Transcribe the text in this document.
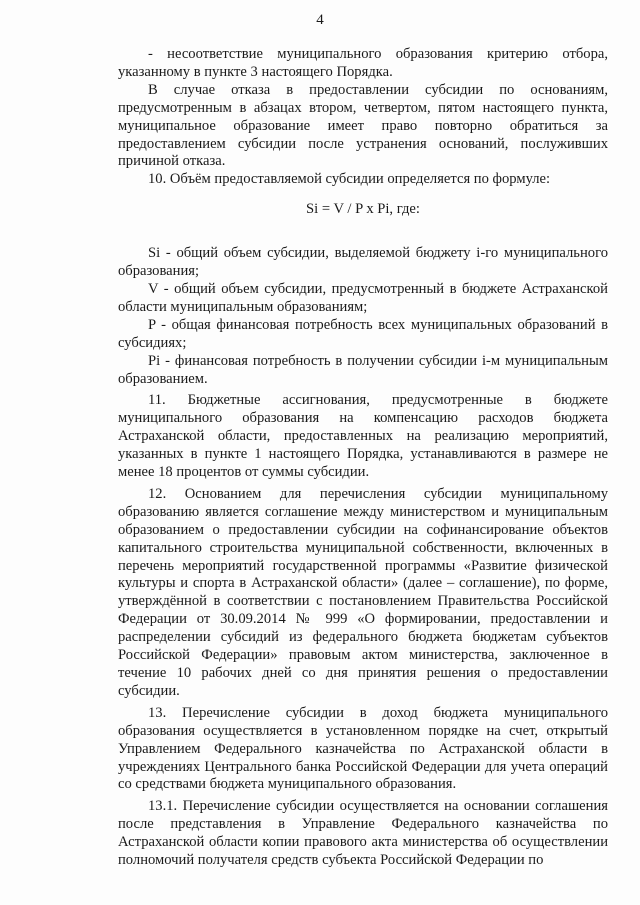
4

- несоответствие муниципального образования критерию отбора, указанному в пункте 3 настоящего Порядка.

В случае отказа в предоставлении субсидии по основаниям, предусмотренным в абзацах втором, четвертом, пятом настоящего пункта, муниципальное образование имеет право повторно обратиться за предоставлением субсидии после устранения оснований, послуживших причиной отказа.

10. Объём предоставляемой субсидии определяется по формуле:

Si = V / P x Pi, где:

Si - общий объем субсидии, выделяемой бюджету i-го муниципального образования;

V - общий объем субсидии, предусмотренный в бюджете Астраханской области муниципальным образованиям;

P - общая финансовая потребность всех муниципальных образований в субсидиях;

Pi - финансовая потребность в получении субсидии i-м муниципальным образованием.

11. Бюджетные ассигнования, предусмотренные в бюджете муниципального образования на компенсацию расходов бюджета Астраханской области, предоставленных на реализацию мероприятий, указанных в пункте 1 настоящего Порядка, устанавливаются в размере не менее 18 процентов от суммы субсидии.

12. Основанием для перечисления субсидии муниципальному образованию является соглашение между министерством и муниципальным образованием о предоставлении субсидии на софинансирование объектов капитального строительства муниципальной собственности, включенных в перечень мероприятий государственной программы «Развитие физической культуры и спорта в Астраханской области» (далее – соглашение), по форме, утверждённой в соответствии с постановлением Правительства Российской Федерации от 30.09.2014 № 999 «О формировании, предоставлении и распределении субсидий из федерального бюджета бюджетам субъектов Российской Федерации» правовым актом министерства, заключенное в течение 10 рабочих дней со дня принятия решения о предоставлении субсидии.

13. Перечисление субсидии в доход бюджета муниципального образования осуществляется в установленном порядке на счет, открытый Управлением Федерального казначейства по Астраханской области в учреждениях Центрального банка Российской Федерации для учета операций со средствами бюджета муниципального образования.

13.1. Перечисление субсидии осуществляется на основании соглашения после представления в Управление Федерального казначейства по Астраханской области копии правового акта министерства об осуществлении полномочий получателя средств субъекта Российской Федерации по
